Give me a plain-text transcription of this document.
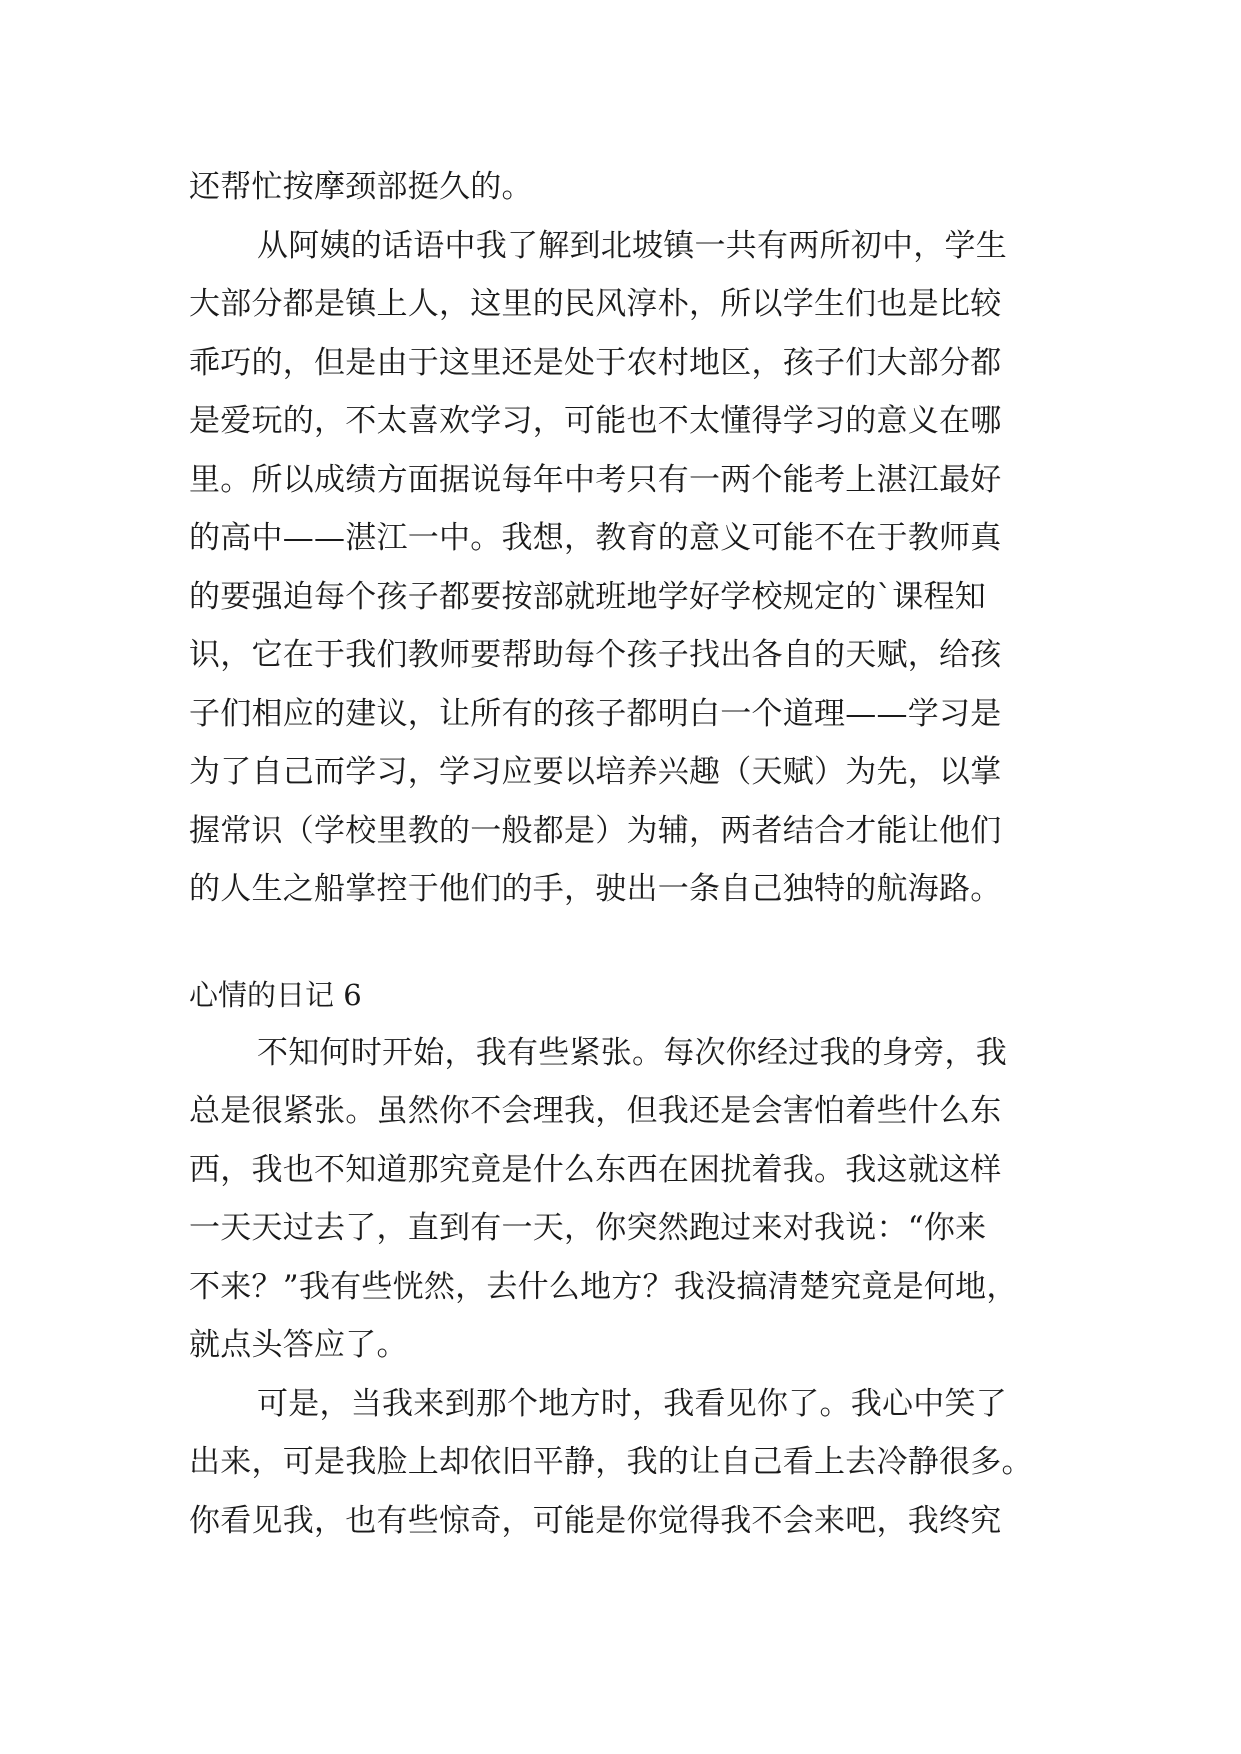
还帮忙按摩颈部挺久的。
从阿姨的话语中我了解到北坡镇一共有两所初中，学生
大部分都是镇上人，这里的民风淳朴，所以学生们也是比较
乖巧的，但是由于这里还是处于农村地区，孩子们大部分都
是爱玩的，不太喜欢学习，可能也不太懂得学习的意义在哪
里。所以成绩方面据说每年中考只有一两个能考上湛江最好
的高中——湛江一中。我想，教育的意义可能不在于教师真
的要强迫每个孩子都要按部就班地学好学校规定的`课程知
识，它在于我们教师要帮助每个孩子找出各自的天赋，给孩
子们相应的建议，让所有的孩子都明白一个道理——学习是
为了自己而学习，学习应要以培养兴趣（天赋）为先，以掌
握常识（学校里教的一般都是）为辅，两者结合才能让他们
的人生之船掌控于他们的手，驶出一条自己独特的航海路。
心情的日记 6
不知何时开始，我有些紧张。每次你经过我的身旁，我
总是很紧张。虽然你不会理我，但我还是会害怕着些什么东
西，我也不知道那究竟是什么东西在困扰着我。我这就这样
一天天过去了，直到有一天，你突然跑过来对我说：“你来
不来？”我有些恍然，去什么地方？我没搞清楚究竟是何地，
就点头答应了。
可是，当我来到那个地方时，我看见你了。我心中笑了
出来，可是我脸上却依旧平静，我的让自己看上去冷静很多。
你看见我，也有些惊奇，可能是你觉得我不会来吧，我终究
